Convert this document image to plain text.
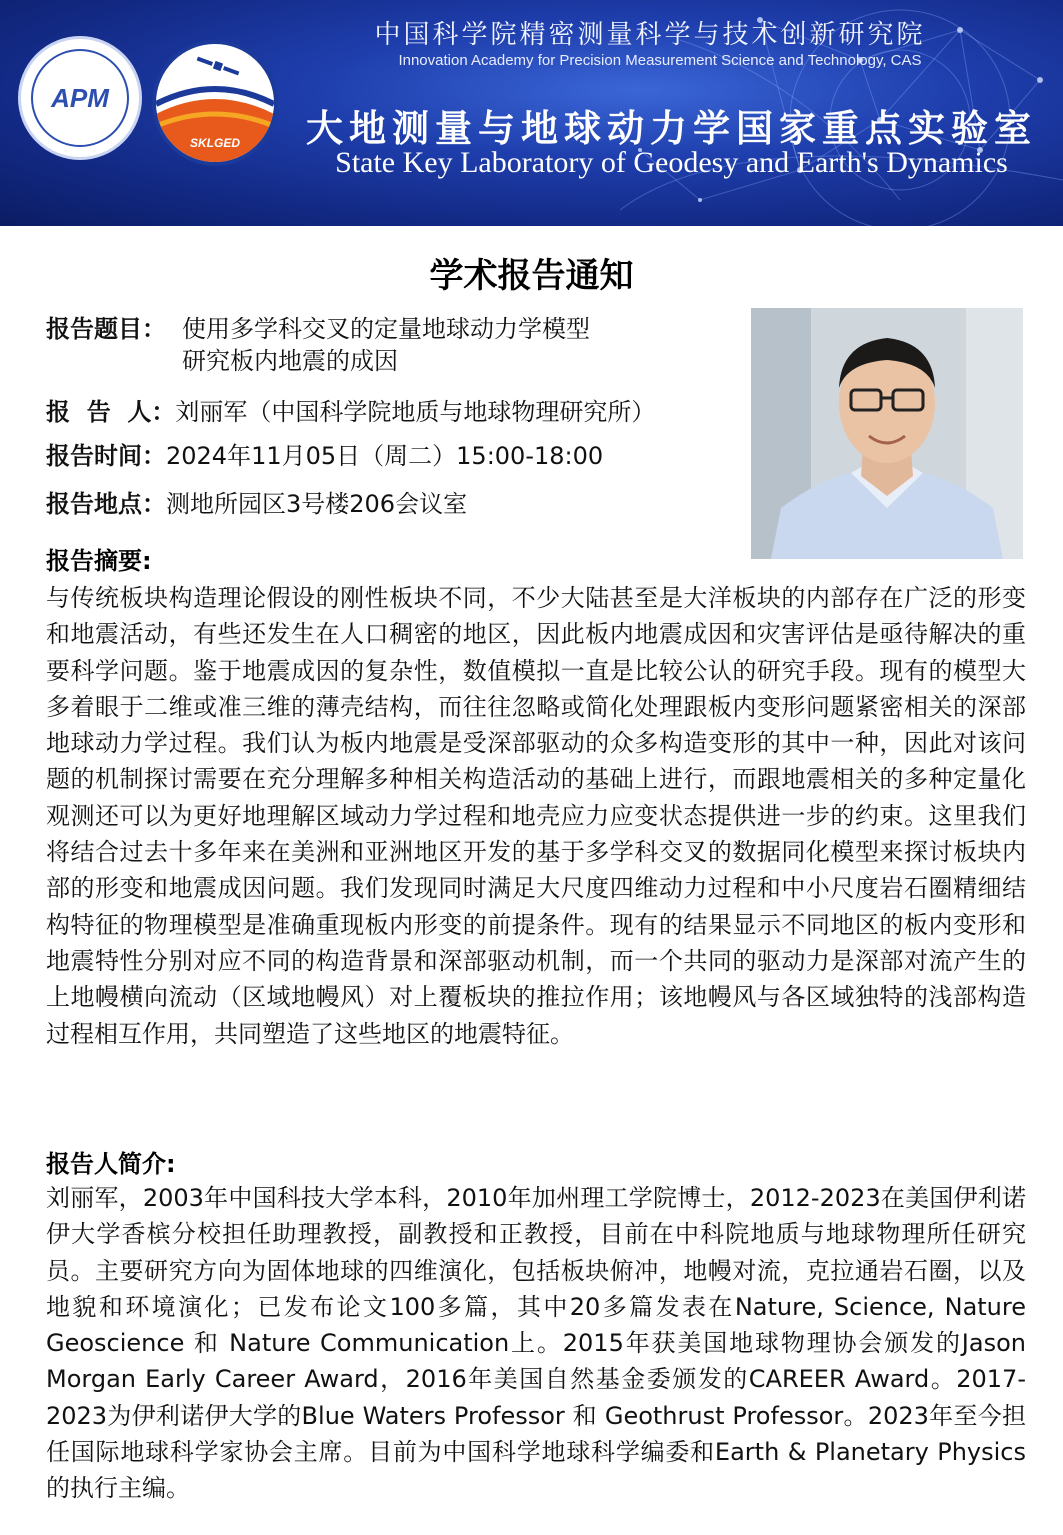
APM
SKLGED
中国科学院精密测量科学与技术创新研究院
Innovation Academy for Precision Measurement Science and Technology, CAS
大地测量与地球动力学国家重点实验室
State Key Laboratory of Geodesy and Earth's Dynamics
学术报告通知
报告题目： 使用多学科交叉的定量地球动力学模型
研究板内地震的成因
报  告  人：刘丽军（中国科学院地质与地球物理研究所）
报告时间：2024年11月05日（周二）15:00-18:00
报告地点：测地所园区3号楼206会议室
报告摘要:

与传统板块构造理论假设的刚性板块不同，不少大陆甚至是大洋板块的内部存在广泛的形变和地震活动，有些还发生在人口稠密的地区，因此板内地震成因和灾害评估是亟待解决的重要科学问题。鉴于地震成因的复杂性，数值模拟一直是比较公认的研究手段。现有的模型大多着眼于二维或准三维的薄壳结构，而往往忽略或简化处理跟板内变形问题紧密相关的深部地球动力学过程。我们认为板内地震是受深部驱动的众多构造变形的其中一种，因此对该问题的机制探讨需要在充分理解多种相关构造活动的基础上进行，而跟地震相关的多种定量化观测还可以为更好地理解区域动力学过程和地壳应力应变状态提供进一步的约束。这里我们将结合过去十多年来在美洲和亚洲地区开发的基于多学科交叉的数据同化模型来探讨板块内部的形变和地震成因问题。我们发现同时满足大尺度四维动力过程和中小尺度岩石圈精细结构特征的物理模型是准确重现板内形变的前提条件。现有的结果显示不同地区的板内变形和地震特性分别对应不同的构造背景和深部驱动机制，而一个共同的驱动力是深部对流产生的上地幔横向流动（区域地幔风）对上覆板块的推拉作用；该地幔风与各区域独特的浅部构造过程相互作用，共同塑造了这些地区的地震特征。

报告人简介:

刘丽军，2003年中国科技大学本科，2010年加州理工学院博士，2012-2023在美国伊利诺伊大学香槟分校担任助理教授，副教授和正教授，目前在中科院地质与地球物理所任研究员。主要研究方向为固体地球的四维演化，包括板块俯冲，地幔对流，克拉通岩石圈，以及地貌和环境演化；已发布论文100多篇，其中20多篇发表在Nature, Science, Nature Geoscience 和 Nature Communication上。2015年获美国地球物理协会颁发的Jason Morgan Early Career Award，2016年美国自然基金委颁发的CAREER Award。2017-2023为伊利诺伊大学的Blue Waters Professor 和 Geothrust Professor。2023年至今担任国际地球科学家协会主席。目前为中国科学地球科学编委和Earth & Planetary Physics的执行主编。
